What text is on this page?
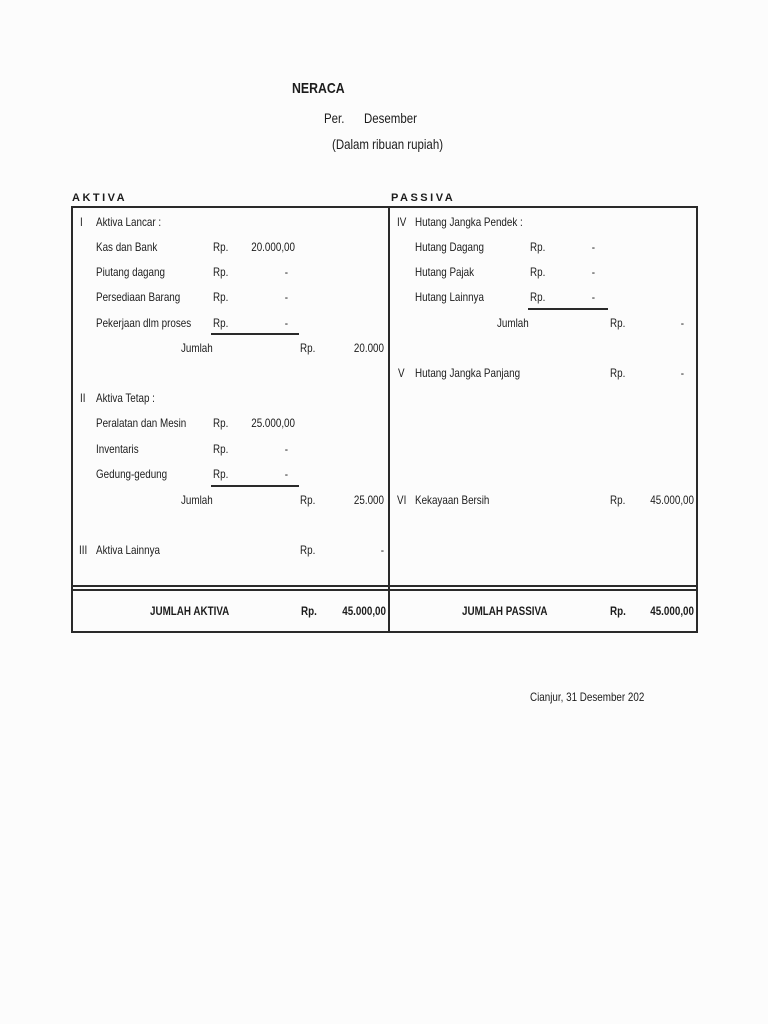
NERACA
Per. Desember
(Dalam ribuan rupiah)
AKTIVA	PASSIVA
I Aktiva Lancar :
Kas dan Bank	Rp.	20.000,00
Piutang dagang	Rp.	-
Persediaan Barang	Rp.	-
Pekerjaan dlm proses Rp.	-
Jumlah	Rp.	20.000
II Aktiva Tetap :
Peralatan dan Mesin Rp.	25.000,00
Inventaris	Rp.	-
Gedung-gedung	Rp.	-
Jumlah	Rp.	25.000
III Aktiva Lainnya	Rp.	-
IV Hutang Jangka Pendek :
Hutang Dagang	Rp.	-
Hutang Pajak	Rp.	-
Hutang Lainnya	Rp.	-
Jumlah	Rp.	-
V Hutang Jangka Panjang	Rp.	-
VI Kekayaan Bersih	Rp.	45.000,00
JUMLAH AKTIVA	Rp.	45.000,00	JUMLAH PASSIVA	Rp.	45.000,00
Cianjur, 31 Desember 202
